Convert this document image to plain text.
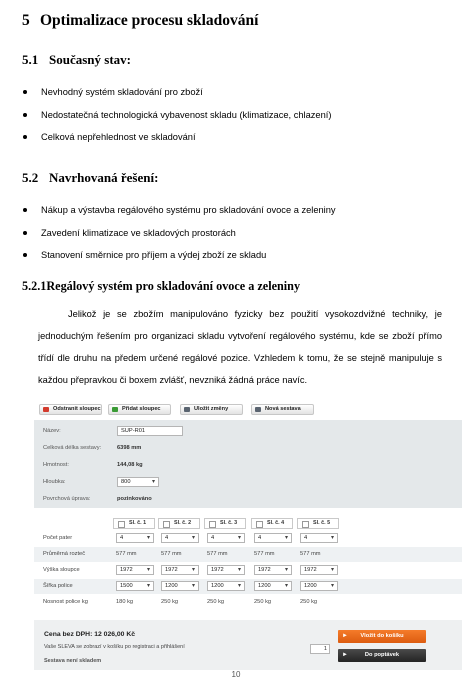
5 Optimalizace procesu skladování
5.1 Současný stav:
Nevhodný systém skladování pro zboží
Nedostatečná technologická vybavenost skladu (klimatizace, chlazení)
Celková nepřehlednost ve skladování
5.2 Navrhovaná řešení:
Nákup a výstavba regálového systému pro skladování ovoce a zeleniny
Zavedení klimatizace ve skladových prostorách
Stanovení směrnice pro příjem a výdej zboží ze skladu
5.2.1Regálový systém pro skladování ovoce a zeleniny

Jelikož je se zbožím manipulováno fyzicky bez použití vysokozdvižné techniky, je jednoduchým řešením pro organizaci skladu vytvoření regálového systému, kde se zboží přímo třídí dle druhu na předem určené regálové pozice. Vzhledem k tomu, že se stejně manipuluje s každou přepravkou či boxem zvlášť, nevzniká žádná práce navíc.

Odstranit sloupec	Přidat sloupec	Uložit změny	Nová sestava
Název:	SUP-R01
Celková délka sestavy:	6398 mm
Hmotnost:	144,08 kg
Hloubka:	800 ▾
Povrchová úprava:	pozinkováno
Sl. č. 1	Sl. č. 2	Sl. č. 3	Sl. č. 4	Sl. č. 5
Počet pater	4 ▾	4 ▾	4 ▾	4 ▾	4 ▾
Průměrná rozteč	577 mm	577 mm	577 mm	577 mm	577 mm
Výška sloupce	1972 ▾	1972 ▾	1972 ▾	1972 ▾	1972 ▾
Šířka police	1500 ▾	1200 ▾	1200 ▾	1200 ▾	1200 ▾
Nosnost police kg	180 kg	250 kg	250 kg	250 kg	250 kg
Cena bez DPH: 12 026,00 Kč
Vaše SLEVA se zobrazí v košíku po registraci a přihlášení
Sestava není skladem
1
► Vložit do košíku
►	Do poptávek
10
